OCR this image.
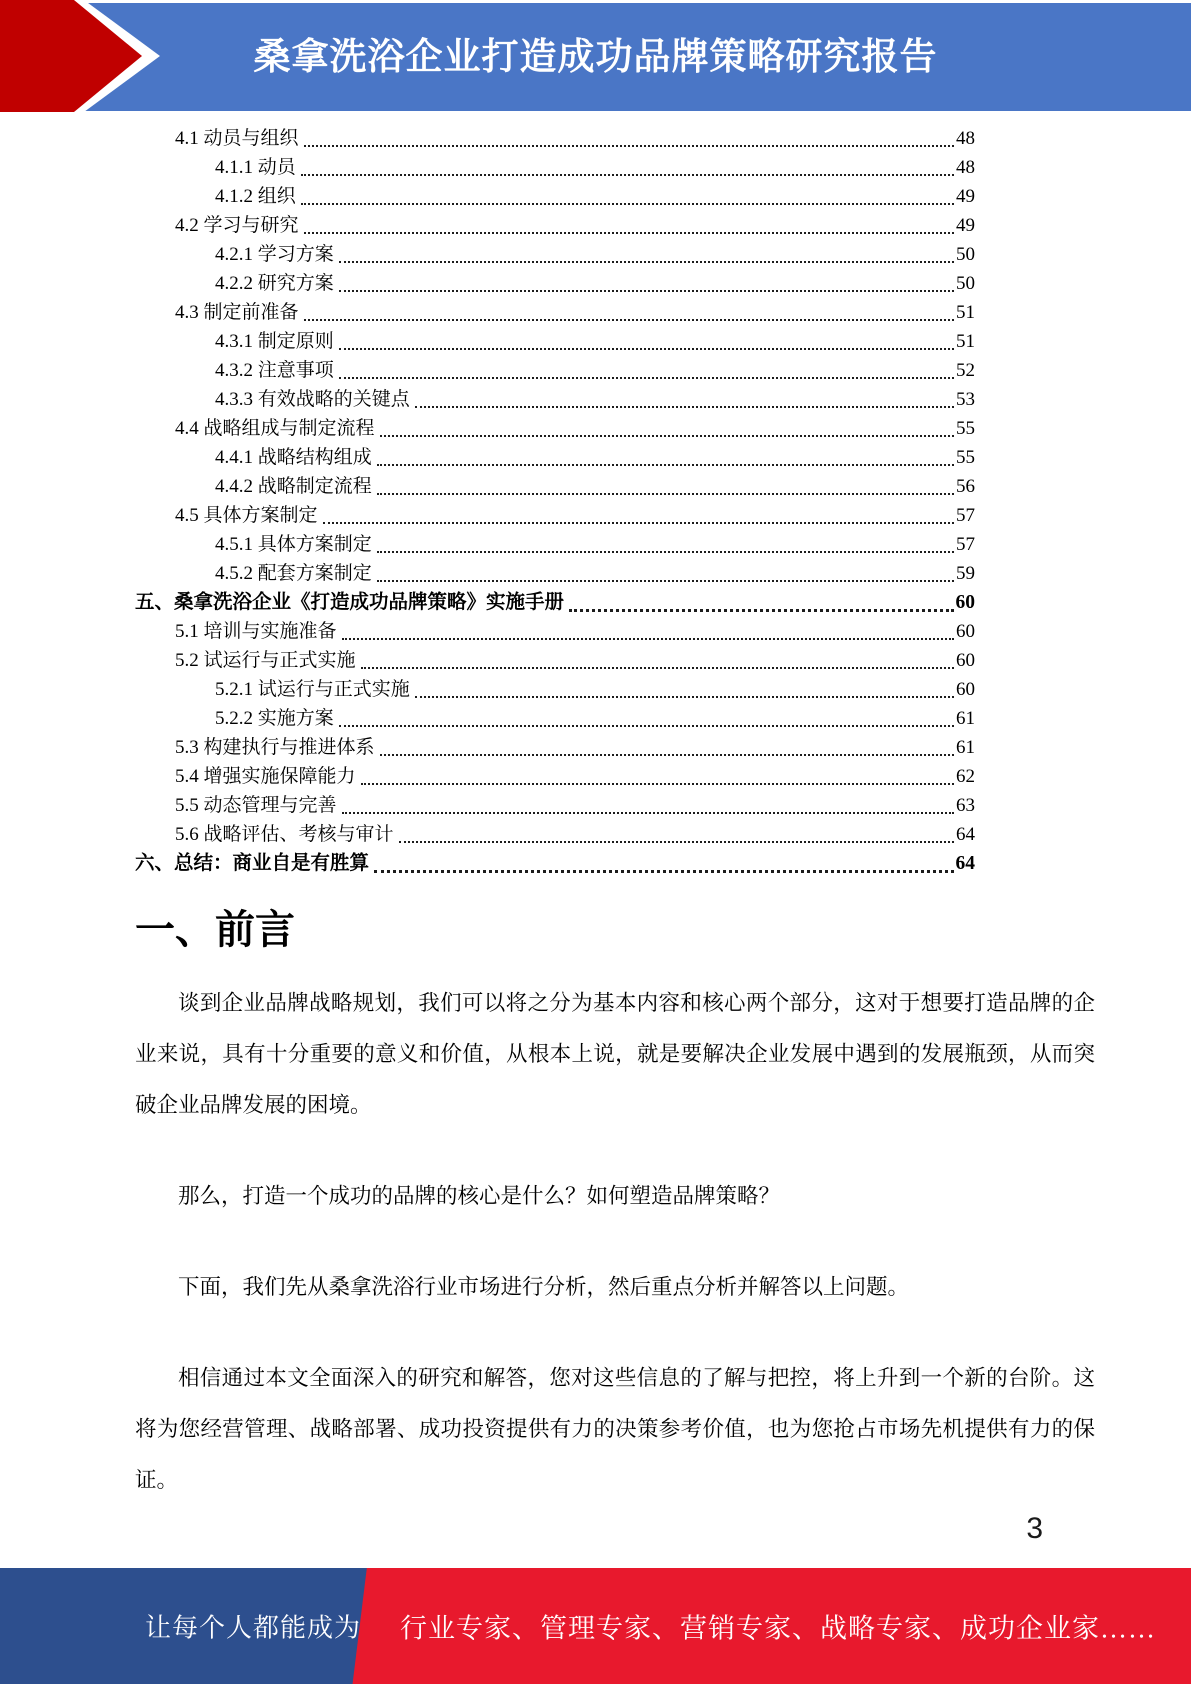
桑拿洗浴企业打造成功品牌策略研究报告
4.1 动员与组织	48
4.1.1 动员	48
4.1.2 组织	49
4.2 学习与研究	49
4.2.1 学习方案	50
4.2.2 研究方案	50
4.3 制定前准备	51
4.3.1 制定原则	51
4.3.2 注意事项	52
4.3.3 有效战略的关键点	53
4.4 战略组成与制定流程	55
4.4.1 战略结构组成	55
4.4.2 战略制定流程	56
4.5 具体方案制定	57
4.5.1 具体方案制定	57
4.5.2 配套方案制定	59
五、桑拿洗浴企业《打造成功品牌策略》实施手册	60
5.1 培训与实施准备	60
5.2 试运行与正式实施	60
5.2.1 试运行与正式实施	60
5.2.2 实施方案	61
5.3 构建执行与推进体系	61
5.4 增强实施保障能力	62
5.5 动态管理与完善	63
5.6 战略评估、考核与审计	64
六、总结：商业自是有胜算	64
一、前言

谈到企业品牌战略规划，我们可以将之分为基本内容和核心两个部分，这对于想要打造品牌的企业来说，具有十分重要的意义和价值，从根本上说，就是要解决企业发展中遇到的发展瓶颈，从而突破企业品牌发展的困境。

那么，打造一个成功的品牌的核心是什么？如何塑造品牌策略？

下面，我们先从桑拿洗浴行业市场进行分析，然后重点分析并解答以上问题。

相信通过本文全面深入的研究和解答，您对这些信息的了解与把控，将上升到一个新的台阶。这将为您经营管理、战略部署、成功投资提供有力的决策参考价值，也为您抢占市场先机提供有力的保证。

3
让每个人都能成为 行业专家、管理专家、营销专家、战略专家、成功企业家……
